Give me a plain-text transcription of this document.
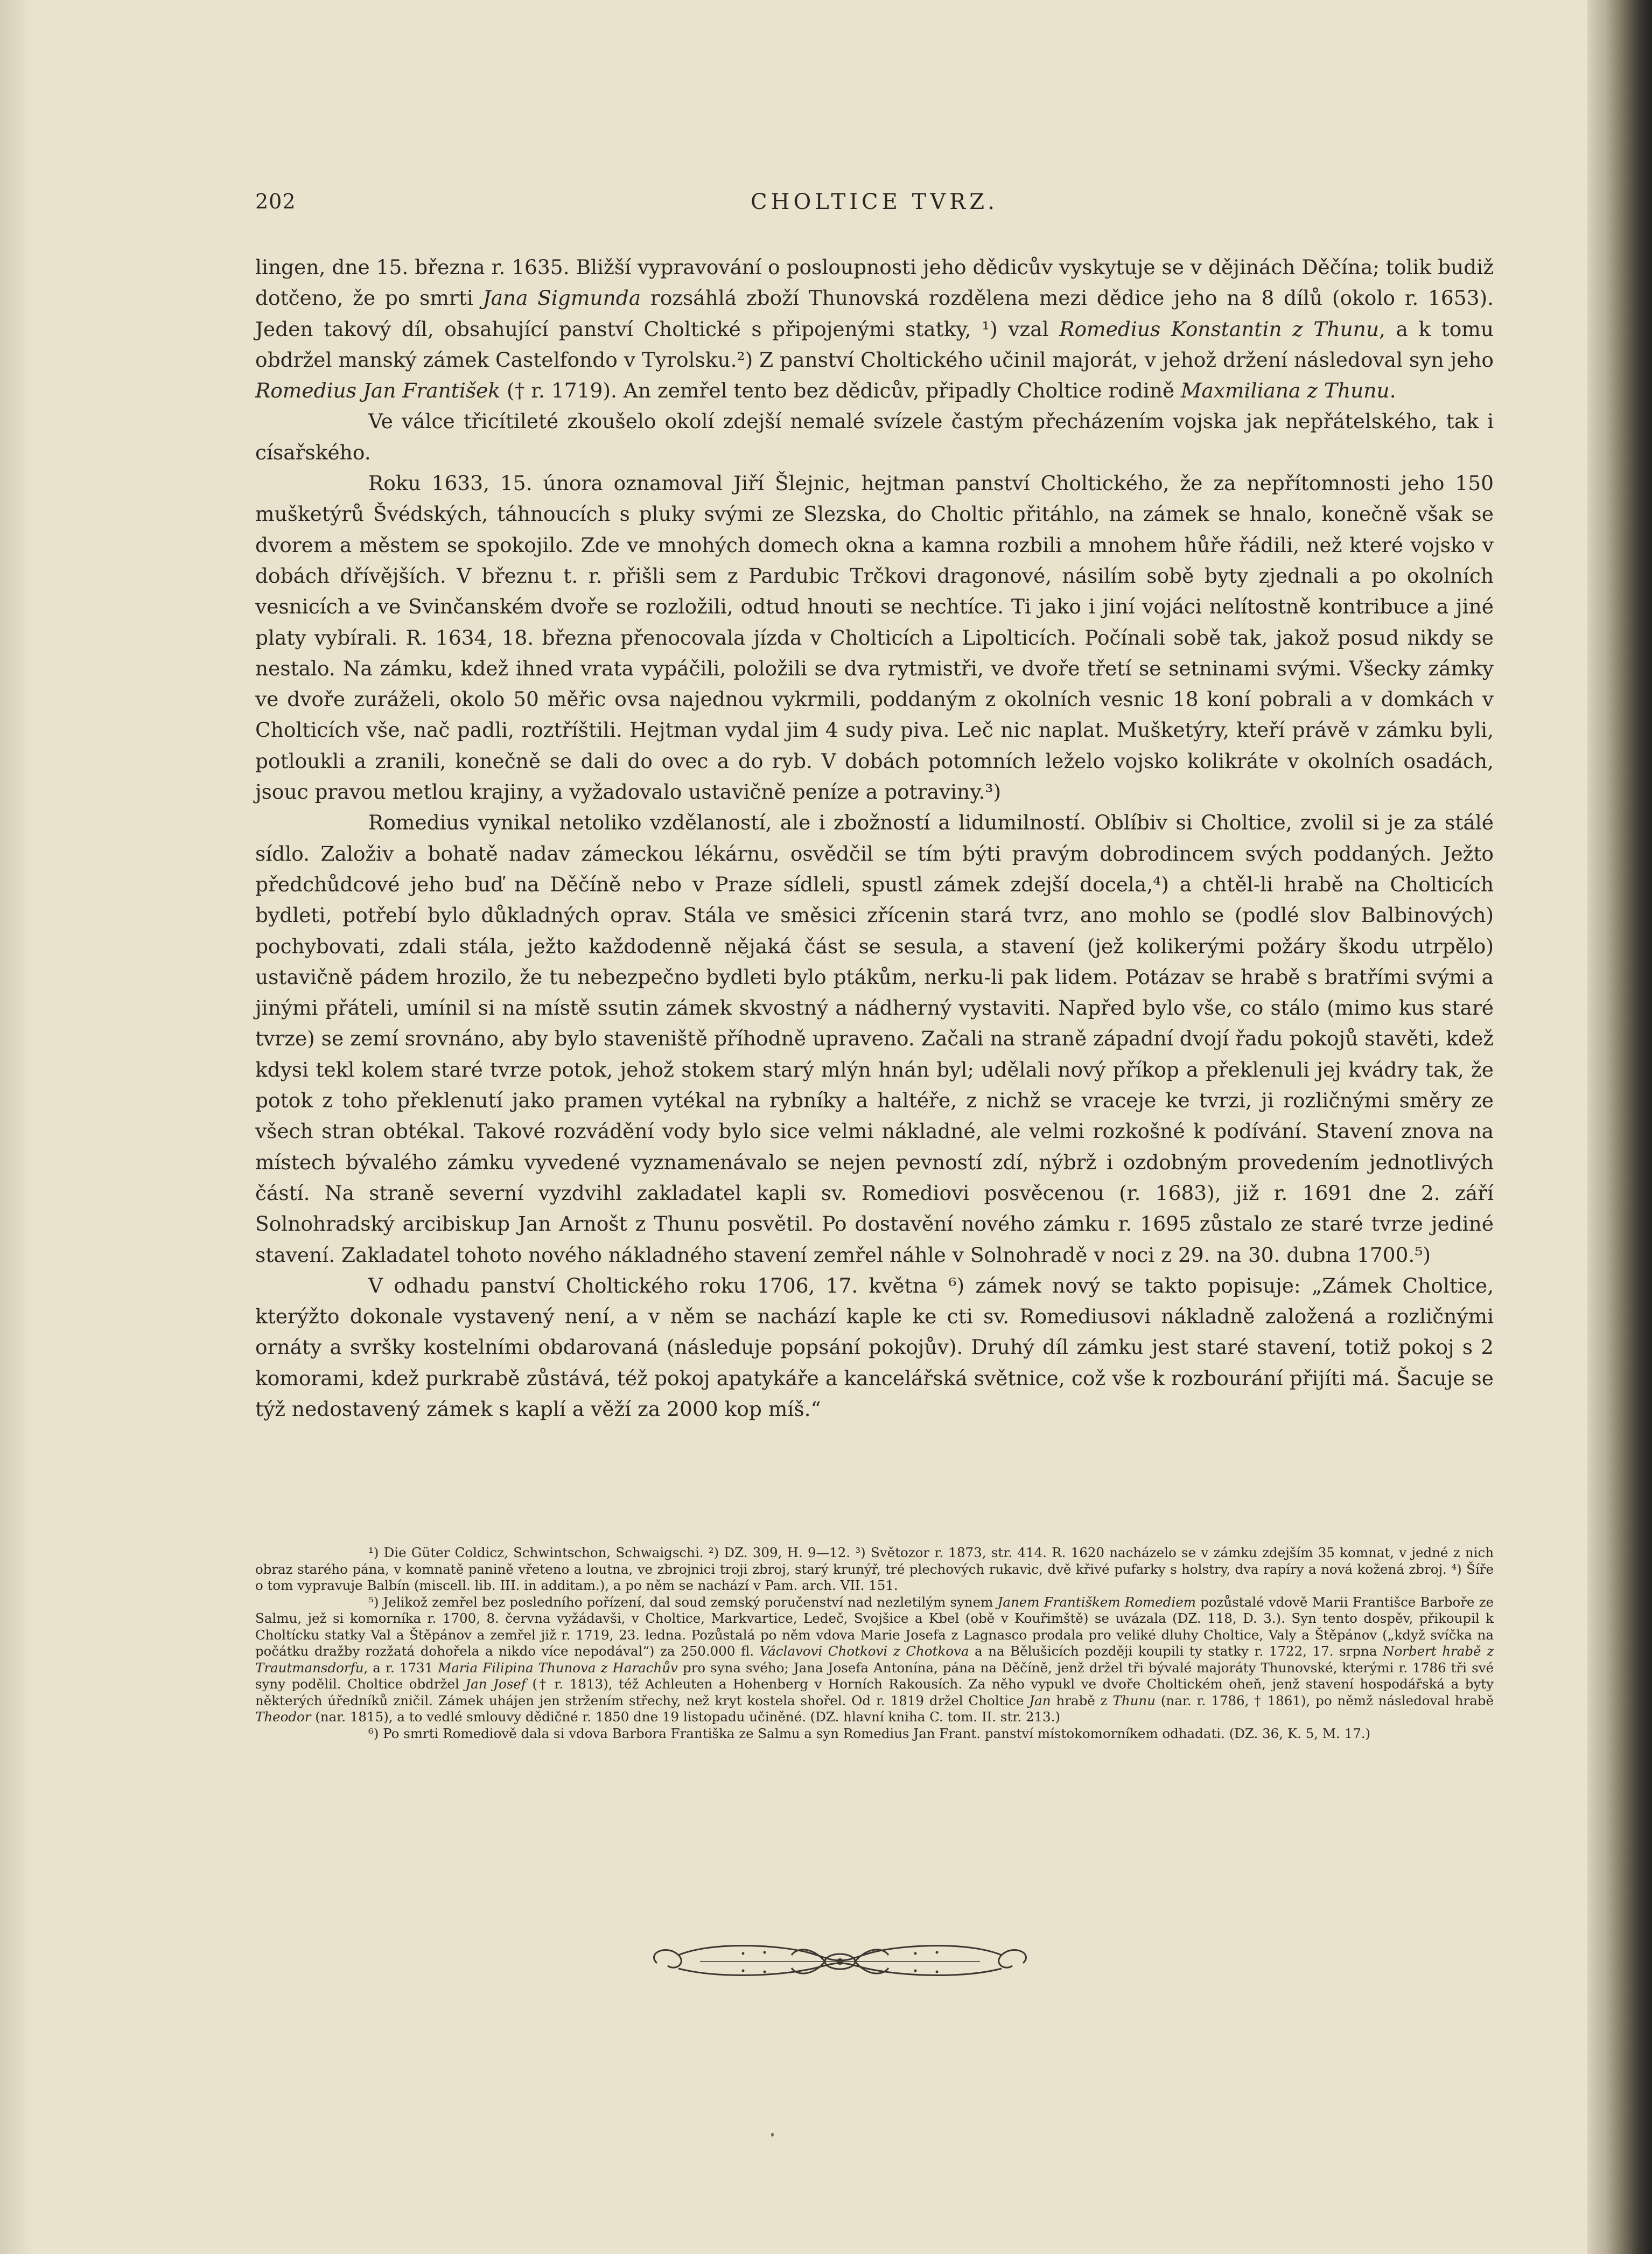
202	CHOLTICE TVRZ.

lingen, dne 15. března r. 1635. Bližší vypravování o posloupnosti jeho dědicův vyskytuje se v dějinách Děčína; tolik budiž dotčeno, že po smrti Jana Sigmunda rozsáhlá zboží Thunovská rozdělena mezi dědice jeho na 8 dílů (okolo r. 1653). Jeden takový díl, obsahující panství Choltické s připojenými statky, ¹) vzal Romedius Konstantin z Thunu, a k tomu obdržel manský zámek Castelfondo v Tyrolsku.²) Z panství Choltického učinil majorát, v jehož držení následoval syn jeho Romedius Jan František († r. 1719). An zemřel tento bez dědicův, připadly Choltice rodině Maxmiliana z Thunu.

Ve válce třicítileté zkoušelo okolí zdejší nemalé svízele častým přecházením vojska jak nepřátelského, tak i císařského.

Roku 1633, 15. února oznamoval Jiří Šlejnic, hejtman panství Choltického, že za nepřítomnosti jeho 150 mušketýrů Švédských, táhnoucích s pluky svými ze Slezska, do Choltic přitáhlo, na zámek se hnalo, konečně však se dvorem a městem se spokojilo. Zde ve mnohých domech okna a kamna rozbili a mnohem hůře řádili, než které vojsko v dobách dřívějších. V březnu t. r. přišli sem z Pardubic Trčkovi dragonové, násilím sobě byty zjednali a po okolních vesnicích a ve Svinčanském dvoře se rozložili, odtud hnouti se nechtíce. Ti jako i jiní vojáci nelítostně kontribuce a jiné platy vybírali. R. 1634, 18. března přenocovala jízda v Cholticích a Lipolticích. Počínali sobě tak, jakož posud nikdy se nestalo. Na zámku, kdež ihned vrata vypáčili, položili se dva rytmistři, ve dvoře třetí se setninami svými. Všecky zámky ve dvoře zuráželi, okolo 50 měřic ovsa najednou vykrmili, poddaným z okolních vesnic 18 koní pobrali a v domkách v Cholticích vše, nač padli, roztříštili. Hejtman vydal jim 4 sudy piva. Leč nic naplat. Mušketýry, kteří právě v zámku byli, potloukli a zranili, konečně se dali do ovec a do ryb. V dobách potomních leželo vojsko kolikráte v okolních osadách, jsouc pravou metlou krajiny, a vyžadovalo ustavičně peníze a potraviny.³)

Romedius vynikal netoliko vzdělaností, ale i zbožností a lidumilností. Oblíbiv si Choltice, zvolil si je za stálé sídlo. Založiv a bohatě nadav zámeckou lékárnu, osvědčil se tím býti pravým dobrodincem svých poddaných. Ježto předchůdcové jeho buď na Děčíně nebo v Praze sídleli, spustl zámek zdejší docela,⁴) a chtěl-li hrabě na Cholticích bydleti, potřebí bylo důkladných oprav. Stála ve směsici zřícenin stará tvrz, ano mohlo se (podlé slov Balbinových) pochybovati, zdali stála, ježto každodenně nějaká část se sesula, a stavení (jež kolikerými požáry škodu utrpělo) ustavičně pádem hrozilo, že tu nebezpečno bydleti bylo ptákům, nerku-li pak lidem. Potázav se hrabě s bratřími svými a jinými přáteli, umínil si na místě ssutin zámek skvostný a nádherný vystaviti. Napřed bylo vše, co stálo (mimo kus staré tvrze) se zemí srovnáno, aby bylo staveniště příhodně upraveno. Začali na straně západní dvojí řadu pokojů stavěti, kdež kdysi tekl kolem staré tvrze potok, jehož stokem starý mlýn hnán byl; udělali nový příkop a překlenuli jej kvádry tak, že potok z toho překlenutí jako pramen vytékal na rybníky a haltéře, z nichž se vraceje ke tvrzi, ji rozličnými směry ze všech stran obtékal. Takové rozvádění vody bylo sice velmi nákladné, ale velmi rozkošné k podívání. Stavení znova na místech bývalého zámku vyvedené vyznamenávalo se nejen pevností zdí, nýbrž i ozdobným provedením jednotlivých částí. Na straně severní vyzdvihl zakladatel kapli sv. Romediovi posvěcenou (r. 1683), již r. 1691 dne 2. září Solnohradský arcibiskup Jan Arnošt z Thunu posvětil. Po dostavění nového zámku r. 1695 zůstalo ze staré tvrze jediné stavení. Zakladatel tohoto nového nákladného stavení zemřel náhle v Solnohradě v noci z 29. na 30. dubna 1700.⁵)

V odhadu panství Choltického roku 1706, 17. května ⁶) zámek nový se takto popisuje: „Zámek Choltice, kterýžto dokonale vystavený není, a v něm se nachází kaple ke cti sv. Romediusovi nákladně založená a rozličnými ornáty a svršky kostelními obdarovaná (následuje popsání pokojův). Druhý díl zámku jest staré stavení, totiž pokoj s 2 komorami, kdež purkrabě zůstává, též pokoj apatykáře a kancelářská světnice, což vše k rozbourání přijíti má. Šacuje se týž nedostavený zámek s kaplí a věží za 2000 kop míš.“

¹) Die Güter Coldicz, Schwintschon, Schwaigschi. ²) DZ. 309, H. 9—12. ³) Světozor r. 1873, str. 414. R. 1620 nacházelo se v zámku zdejším 35 komnat, v jedné z nich obraz starého pána, v komnatě panině vřeteno a loutna, ve zbrojnici troji zbroj, starý krunýř, tré plechových rukavic, dvě křivé pufarky s holstry, dva rapíry a nová kožená zbroj. ⁴) Šíře o tom vypravuje Balbín (miscell. lib. III. in additam.), a po něm se nachází v Pam. arch. VII. 151.

⁵) Jelikož zemřel bez posledního pořízení, dal soud zemský poručenství nad nezletilým synem Janem Františkem Romediem pozůstalé vdově Marii Františce Barboře ze Salmu, jež si komorníka r. 1700, 8. června vyžádavši, v Choltice, Markvartice, Ledeč, Svojšice a Kbel (obě v Kouřimště) se uvázala (DZ. 118, D. 3.). Syn tento dospěv, přikoupil k Choltícku statky Val a Štěpánov a zemřel již r. 1719, 23. ledna. Pozůstalá po něm vdova Marie Josefa z Lagnasco prodala pro veliké dluhy Choltice, Valy a Štěpánov („když svíčka na počátku dražby rozžatá dohořela a nikdo více nepodával“) za 250.000 fl. Václavovi Chotkovi z Chotkova a na Bělušicích později koupili ty statky r. 1722, 17. srpna Norbert hrabě z Trautmansdorfu, a r. 1731 Maria Filipina Thunova z Harachův pro syna svého; Jana Josefa Antonína, pána na Děčíně, jenž držel tři bývalé majoráty Thunovské, kterými r. 1786 tři své syny podělil. Choltice obdržel Jan Josef († r. 1813), též Achleuten a Hohenberg v Horních Rakousích. Za něho vypukl ve dvoře Choltickém oheň, jenž stavení hospodářská a byty některých úředníků zničil. Zámek uhájen jen stržením střechy, než kryt kostela shořel. Od r. 1819 držel Choltice Jan hrabě z Thunu (nar. r. 1786, † 1861), po němž následoval hrabě Theodor (nar. 1815), a to vedlé smlouvy dědičné r. 1850 dne 19 listopadu učiněné. (DZ. hlavní kniha C. tom. II. str. 213.)

⁶) Po smrti Romediově dala si vdova Barbora Františka ze Salmu a syn Romedius Jan Frant. panství místokomorníkem odhadati. (DZ. 36, K. 5, M. 17.)
